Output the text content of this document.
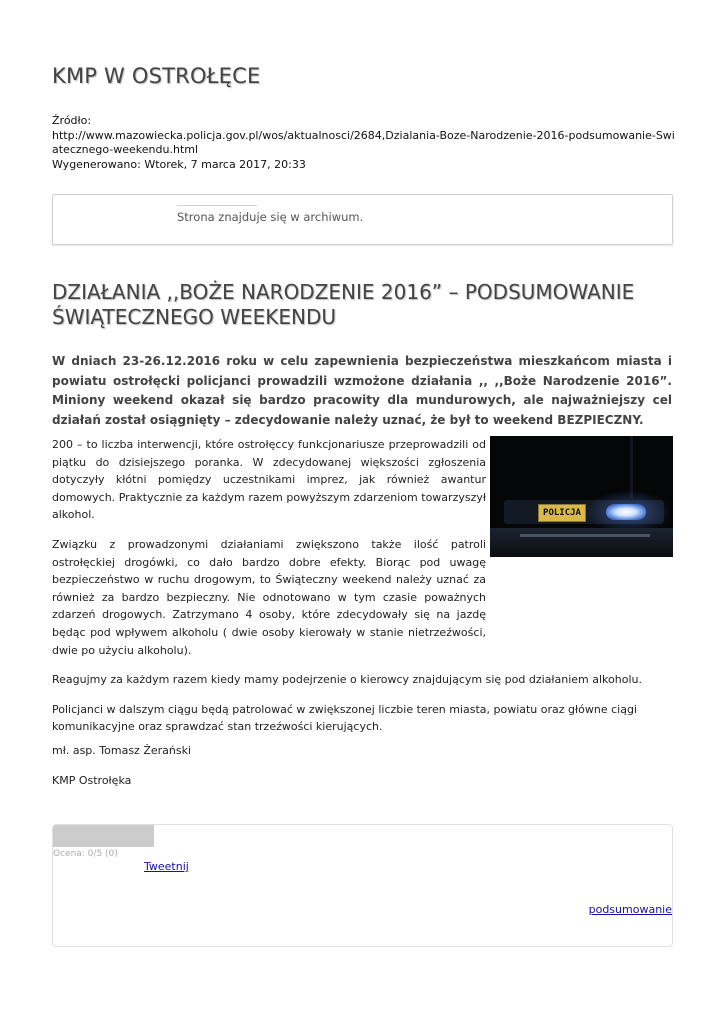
KMP W OSTROŁĘCE
Źródło:
http://www.mazowiecka.policja.gov.pl/wos/aktualnosci/2684,Dzialania-Boze-Narodzenie-2016-podsumowanie-Swiatecznego-weekendu.html
Wygenerowano: Wtorek, 7 marca 2017, 20:33
Strona znajduje się w archiwum.
DZIAŁANIA ,,BOŻE NARODZENIE 2016” – PODSUMOWANIE ŚWIĄTECZNEGO WEEKENDU

W dniach 23-26.12.2016 roku w celu zapewnienia bezpieczeństwa mieszkańcom miasta i powiatu ostrołęcki policjanci prowadzili wzmożone działania ,, ,,Boże Narodzenie 2016”. Miniony weekend okazał się bardzo pracowity dla mundurowych, ale najważniejszy cel działań został osiągnięty – zdecydowanie należy uznać, że był to weekend BEZPIECZNY.

POLICJA

200 – to liczba interwencji, które ostrołęccy funkcjonariusze przeprowadzili od piątku do dzisiejszego poranka. W zdecydowanej większości zgłoszenia dotyczyły kłótni pomiędzy uczestnikami imprez, jak również awantur domowych. Praktycznie za każdym razem powyższym zdarzeniom towarzyszył alkohol.

Związku z prowadzonymi działaniami zwiększono także ilość patroli ostrołęckiej drogówki, co dało bardzo dobre efekty. Biorąc pod uwagę bezpieczeństwo w ruchu drogowym, to Świąteczny weekend należy uznać za również za bardzo bezpieczny. Nie odnotowano w tym czasie poważnych zdarzeń drogowych. Zatrzymano 4 osoby, które zdecydowały się na jazdę będąc pod wpływem alkoholu ( dwie osoby kierowały w stanie nietrzeźwości, dwie po użyciu alkoholu).

Reagujmy za każdym razem kiedy mamy podejrzenie o kierowcy znajdującym się pod działaniem alkoholu.

Policjanci w dalszym ciągu będą patrolować w zwiększonej liczbie teren miasta, powiatu oraz główne ciągi komunikacyjne oraz sprawdzać stan trzeźwości kierujących.

mł. asp. Tomasz Żerański
KMP Ostrołęka
Ocena: 0/5 (0)
Tweetnij
podsumowanie
